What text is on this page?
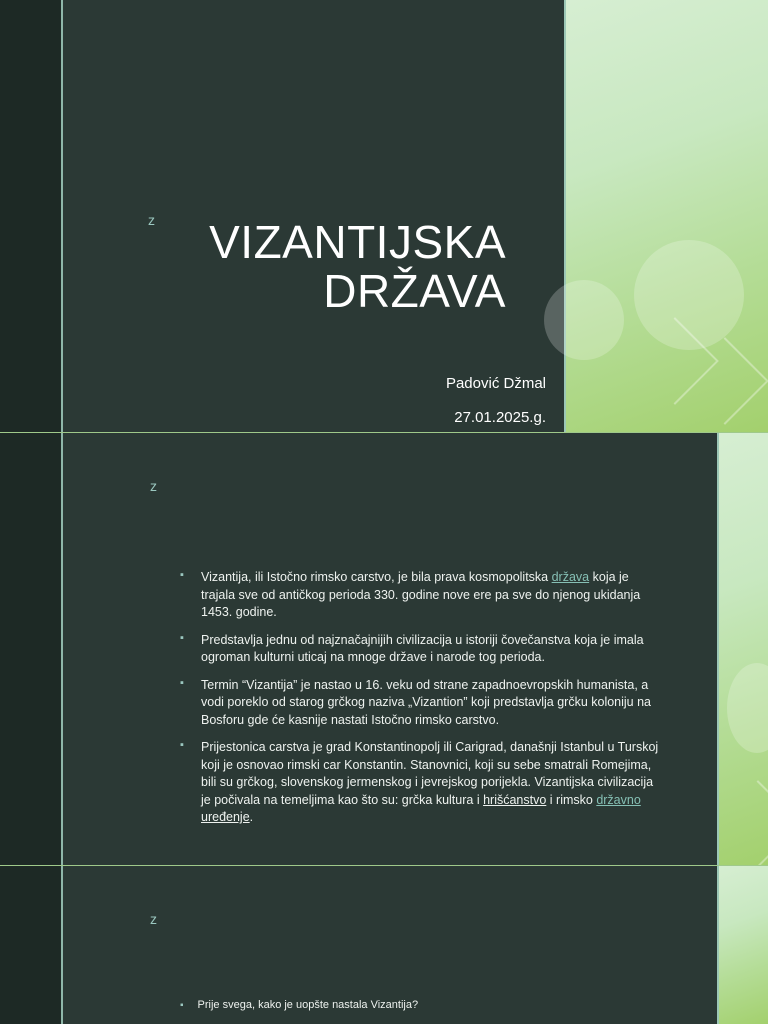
z VIZANTIJSKA
DRŽAVA
Padović Džmal
27.01.2025.g.
z
▪ Vizantija, ili Istočno rimsko carstvo, je bila prava kosmopolitska država koja je trajala sve od antičkog perioda 330. godine nove ere pa sve do njenog ukidanja 1453. godine.
▪ Predstavlja jednu od najznačajnijih civilizacija u istoriji čovečanstva koja je imala ogroman kulturni uticaj na mnoge države i narode tog perioda.
▪ Termin “Vizantija” je nastao u 16. veku od strane zapadnoevropskih humanista, a vodi poreklo od starog grčkog naziva „Vizantion” koji predstavlja grčku koloniju na Bosforu gde će kasnije nastati Istočno rimsko carstvo.
▪ Prijestonica carstva je grad Konstantinopolj ili Carigrad, današnji Istanbul u Turskoj koji je osnovao rimski car Konstantin. Stanovnici, koji su sebe smatrali Romejima, bili su grčkog, slovenskog jermenskog i jevrejskog porijekla. Vizantijska civilizacija je počivala na temeljima kao što su: grčka kultura i hrišćanstvo i rimsko državno uređenje.
z
▪ Prije svega, kako je uopšte nastala Vizantija?
